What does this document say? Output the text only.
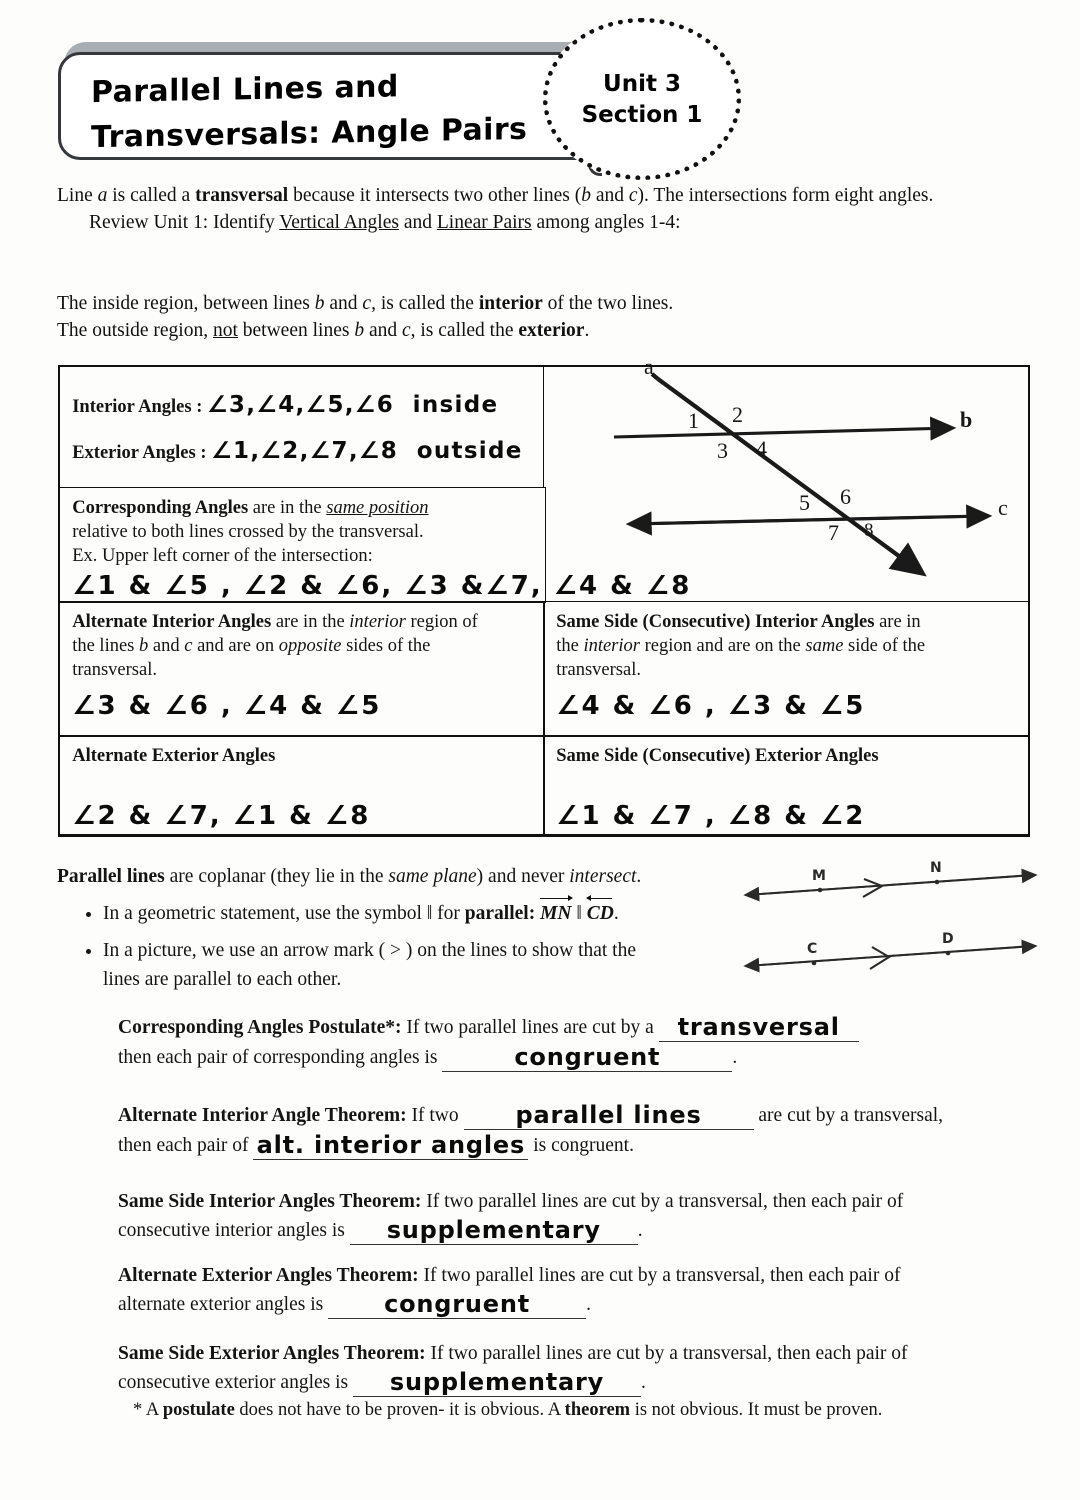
Parallel Lines and
Transversals: Angle Pairs
Unit 3
Section 1
Line a is called a transversal because it intersects two other lines (b and c). The intersections form eight angles.
Review Unit 1: Identify Vertical Angles and Linear Pairs among angles 1-4:
The inside region, between lines b and c, is called the interior of the two lines.
The outside region, not between lines b and c, is called the exterior.
Interior Angles : ∠3,∠4,∠5,∠6 inside
Exterior Angles : ∠1,∠2,∠7,∠8 outside
Corresponding Angles are in the same position
relative to both lines crossed by the transversal.
Ex. Upper left corner of the intersection:
∠1 & ∠5 , ∠2 & ∠6, ∠3 &∠7, ∠4 & ∠8
Alternate Interior Angles are in the interior region of
the lines b and c and are on opposite sides of the
transversal.
∠3 & ∠6 , ∠4 & ∠5
Same Side (Consecutive) Interior Angles are in
the interior region and are on the same side of the
transversal.
∠4 & ∠6 , ∠3 & ∠5
Alternate Exterior Angles
∠2 & ∠7, ∠1 & ∠8
Same Side (Consecutive) Exterior Angles
∠1 & ∠7 , ∠8 & ∠2
a
b
c
1 2
3 4
5 6
7 8
Parallel lines are coplanar (they lie in the same plane) and never intersect.
• In a geometric statement, use the symbol ‖ for parallel: MN ‖ CD.
• In a picture, we use an arrow mark ( > ) on the lines to show that the
lines are parallel to each other.
M	N
C
D
Corresponding Angles Postulate*: If two parallel lines are cut by a transversal
then each pair of corresponding angles is	congruent	.
Alternate Interior Angle Theorem: If two parallel lines	are cut by a transversal,
then each pair of alt. interior angles is congruent.
Same Side Interior Angles Theorem: If two parallel lines are cut by a transversal, then each pair of
consecutive interior angles is supplementary .
Alternate Exterior Angles Theorem: If two parallel lines are cut by a transversal, then each pair of
alternate exterior angles is congruent	.
Same Side Exterior Angles Theorem: If two parallel lines are cut by a transversal, then each pair of
consecutive exterior angles is supplementary .
* A postulate does not have to be proven- it is obvious. A theorem is not obvious. It must be proven.
